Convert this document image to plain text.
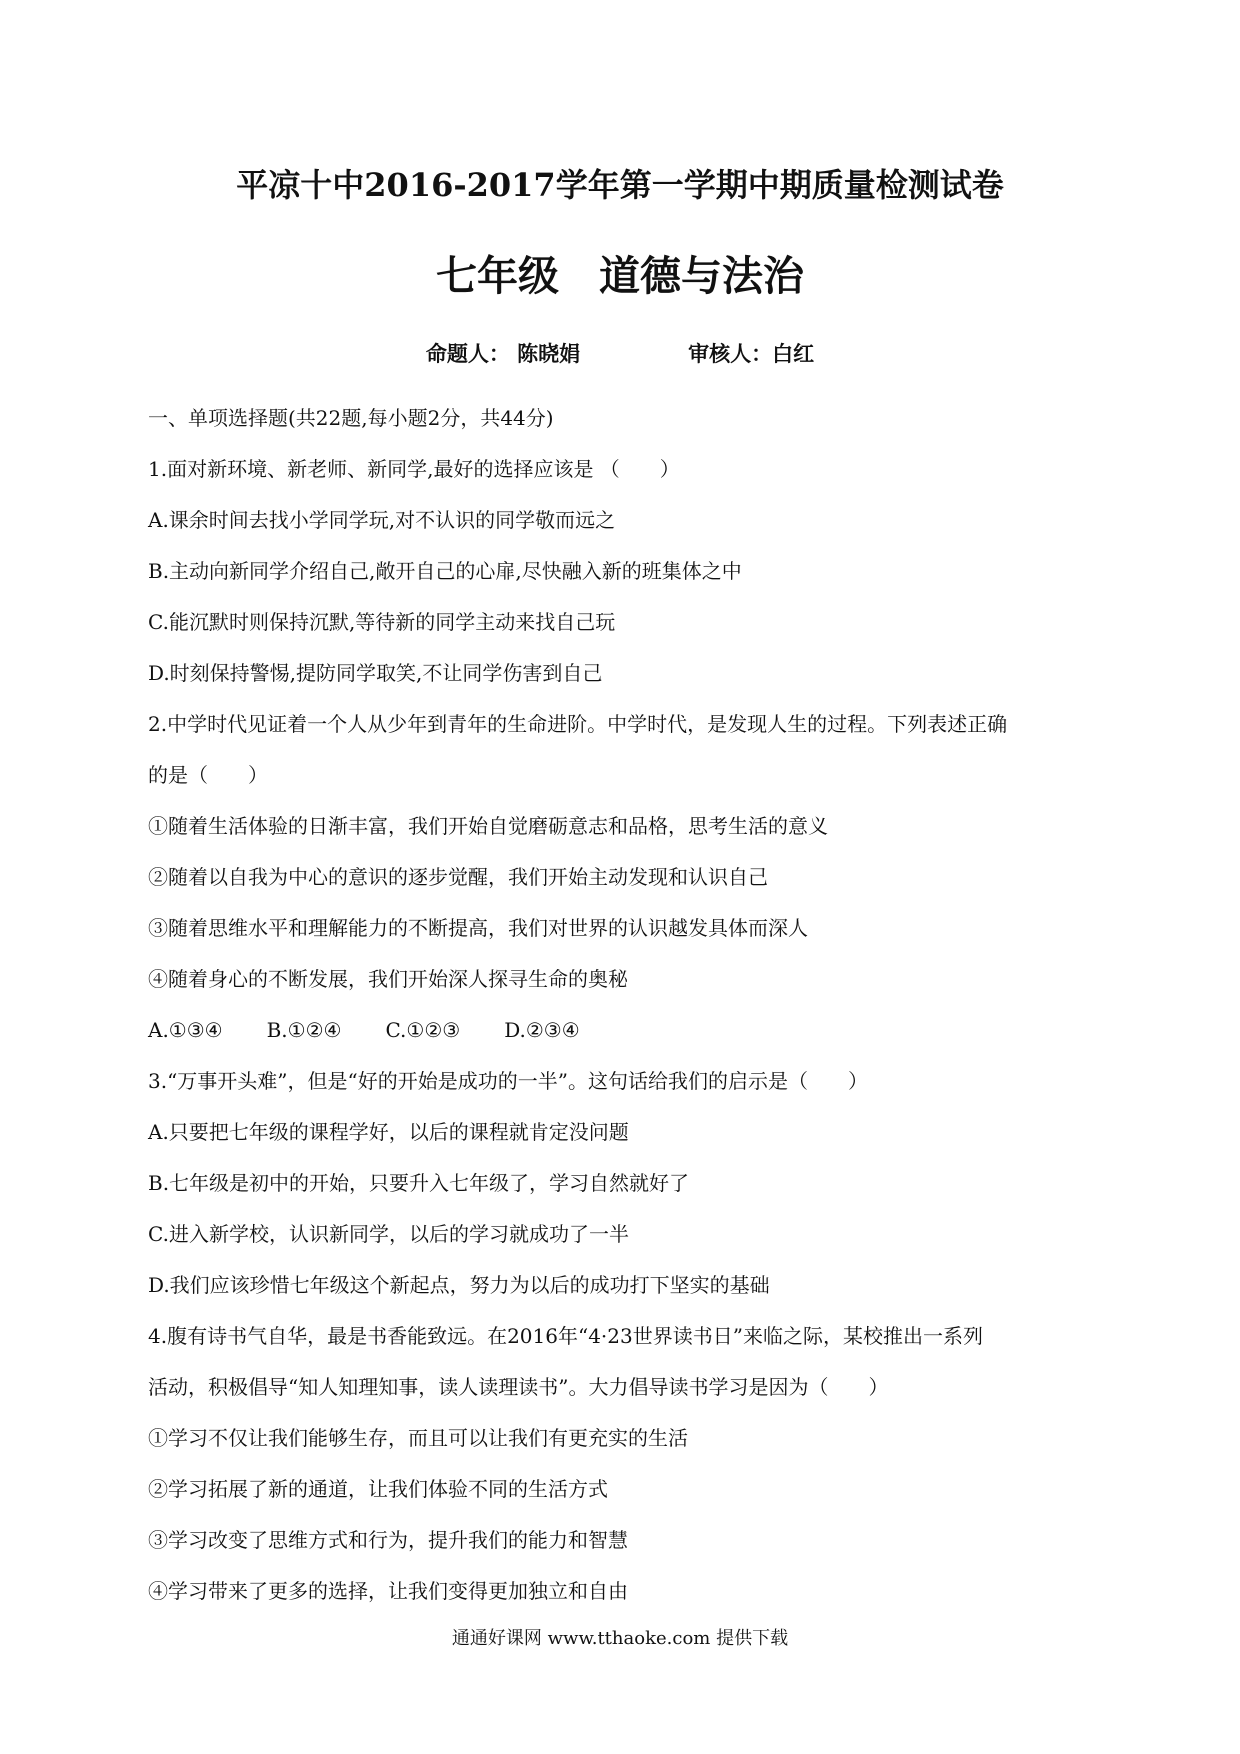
平凉十中2016-2017学年第一学期中期质量检测试卷
七年级 道德与法治
命题人： 陈晓娟	审核人：白红
一、单项选择题(共22题,每小题2分，共44分)
1.面对新环境、新老师、新同学,最好的选择应该是 （　　）
A.课余时间去找小学同学玩,对不认识的同学敬而远之
B.主动向新同学介绍自己,敞开自己的心扉,尽快融入新的班集体之中
C.能沉默时则保持沉默,等待新的同学主动来找自己玩
D.时刻保持警惕,提防同学取笑,不让同学伤害到自己
2.中学时代见证着一个人从少年到青年的生命进阶。中学时代，是发现人生的过程。下列表述正确
的是（　　）
①随着生活体验的日渐丰富，我们开始自觉磨砺意志和品格，思考生活的意义
②随着以自我为中心的意识的逐步觉醒，我们开始主动发现和认识自己
③随着思维水平和理解能力的不断提高，我们对世界的认识越发具体而深人
④随着身心的不断发展，我们开始深人探寻生命的奥秘
A.①③④ B.①②④ C.①②③ D.②③④
3.“万事开头难”，但是“好的开始是成功的一半”。这句话给我们的启示是（　　）
A.只要把七年级的课程学好，以后的课程就肯定没问题
B.七年级是初中的开始，只要升入七年级了，学习自然就好了
C.进入新学校，认识新同学，以后的学习就成功了一半
D.我们应该珍惜七年级这个新起点，努力为以后的成功打下坚实的基础
4.腹有诗书气自华，最是书香能致远。在2016年“4·23世界读书日”来临之际，某校推出一系列
活动，积极倡导“知人知理知事，读人读理读书”。大力倡导读书学习是因为（　　）
①学习不仅让我们能够生存，而且可以让我们有更充实的生活
②学习拓展了新的通道，让我们体验不同的生活方式
③学习改变了思维方式和行为，提升我们的能力和智慧
④学习带来了更多的选择，让我们变得更加独立和自由
通通好课网 www.tthaoke.com 提供下载
